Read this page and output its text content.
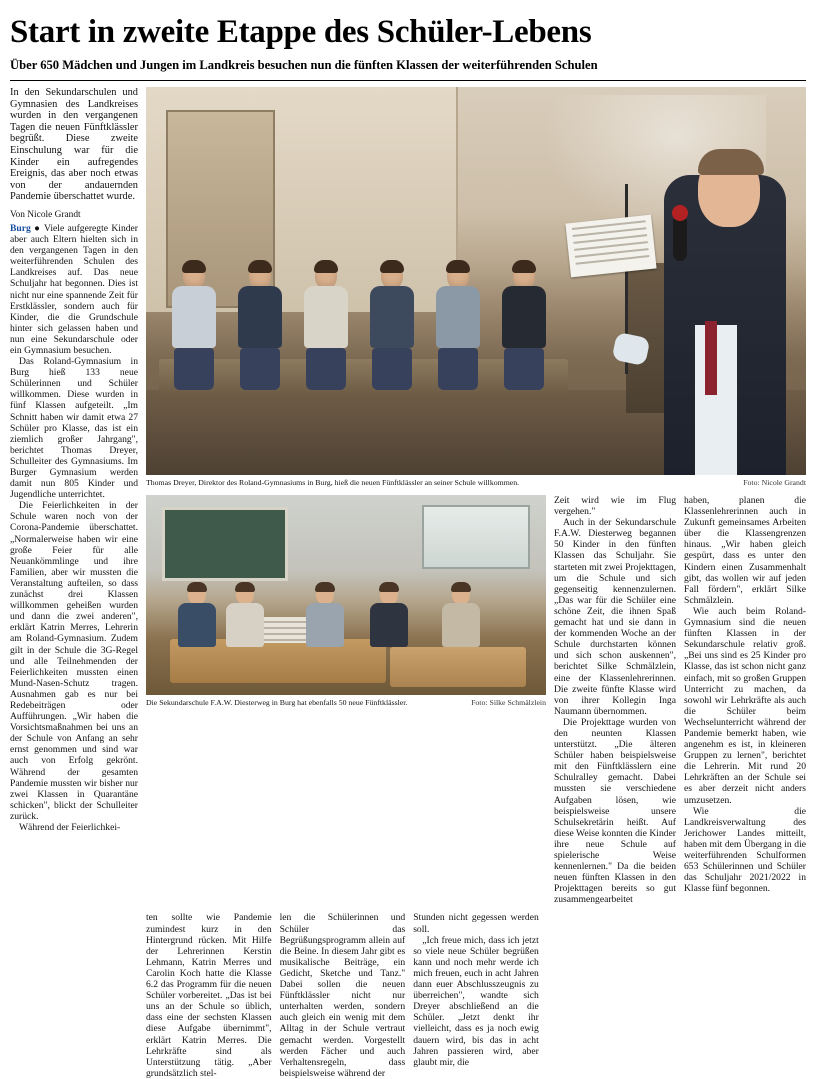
Start in zweite Etappe des Schüler-Lebens
Über 650 Mädchen und Jungen im Landkreis besuchen nun die fünften Klassen der weiterführenden Schulen
In den Sekundarschulen und Gymnasien des Landkreises wurden in den vergangenen Tagen die neuen Fünftklässler begrüßt. Diese zweite Einschulung war für die Kinder ein aufregendes Ereignis, das aber noch etwas von der andauernden Pandemie überschattet wurde.
Von Nicole Grandt

Burg ● Viele aufgeregte Kinder aber auch Eltern hielten sich in den vergangenen Tagen in den weiterführenden Schulen des Landkreises auf. Das neue Schuljahr hat begonnen. Dies ist nicht nur eine spannende Zeit für Erstklässler, sondern auch für Kinder, die die Grundschule hinter sich gelassen haben und nun eine Sekundarschule oder ein Gymnasium besuchen.

Das Roland-Gymnasium in Burg hieß 133 neue Schülerinnen und Schüler willkommen. Diese wurden in fünf Klassen aufgeteilt. „Im Schnitt haben wir damit etwa 27 Schüler pro Klasse, das ist ein ziemlich großer Jahrgang", berichtet Thomas Dreyer, Schulleiter des Gymnasiums. Im Burger Gymnasium werden damit nun 805 Kinder und Jugendliche unterrichtet.

Die Feierlichkeiten in der Schule waren noch von der Corona-Pandemie überschattet. „Normalerweise haben wir eine große Feier für alle Neuankömmlinge und ihre Familien, aber wir mussten die Veranstaltung aufteilen, so dass zunächst drei Klassen willkommen geheißen wurden und dann die zwei anderen", erklärt Katrin Merres, Lehrerin am Roland-Gymnasium. Zudem gilt in der Schule die 3G-Regel und alle Teilnehmenden der Feierlichkeiten mussten einen Mund-Nasen-Schutz tragen. Ausnahmen gab es nur bei Redebeiträgen oder Aufführungen. „Wir haben die Vorsichtsmaßnahmen bei uns an der Schule von Anfang an sehr ernst genommen und sind war auch von Erfolg gekrönt. Während der gesamten Pandemie mussten wir bisher nur zwei Klassen in Quarantäne schicken", blickt der Schulleiter zurück.

Während der Feierlichkei-

Thomas Dreyer, Direktor des Roland-Gymnasiums in Burg, hieß die neuen Fünftklässler an seiner Schule willkommen.	Foto: Nicole Grandt
Die Sekundarschule F.A.W. Diesterweg in Burg hat ebenfalls 50 neue Fünftklässler.	Foto: Silke Schmälzlein

Zeit wird wie im Flug vergehen."

Auch in der Sekundarschule F.A.W. Diesterweg begannen 50 Kinder in den fünften Klassen das Schuljahr. Sie starteten mit zwei Projekttagen, um die Schule und sich gegenseitig kennenzulernen. „Das war für die Schüler eine schöne Zeit, die ihnen Spaß gemacht hat und sie dann in der kommenden Woche an der Schule durchstarten können und sich schon auskennen", berichtet Silke Schmälzlein, eine der Klassenlehrerinnen. Die zweite fünfte Klasse wird von ihrer Kollegin Inga Naumann übernommen.

Die Projekttage wurden von den neunten Klassen unterstützt. „Die älteren Schüler haben beispielsweise mit den Fünftklässlern eine Schulralley gemacht. Dabei mussten sie verschiedene Aufgaben lösen, wie beispielsweise unsere Schulsekretärin heißt. Auf diese Weise konnten die Kinder ihre neue Schule auf spielerische Weise kennenlernen." Da die beiden neuen fünften Klassen in den Projekttagen bereits so gut zusammengearbeitet

haben, planen die Klassenlehrerinnen auch in Zukunft gemeinsames Arbeiten über die Klassengrenzen hinaus. „Wir haben gleich gespürt, dass es unter den Kindern einen Zusammenhalt gibt, das wollen wir auf jeden Fall fördern", erklärt Silke Schmälzlein.

Wie auch beim Roland-Gymnasium sind die neuen fünften Klassen in der Sekundarschule relativ groß. „Bei uns sind es 25 Kinder pro Klasse, das ist schon nicht ganz einfach, mit so großen Gruppen Unterricht zu machen, da sowohl wir Lehrkräfte als auch die Schüler beim Wechselunterricht während der Pandemie bemerkt haben, wie angenehm es ist, in kleineren Gruppen zu lernen", berichtet die Lehrerin. Mit rund 20 Lehrkräften an der Schule sei es aber derzeit nicht anders umzusetzen.

Wie die Landkreisverwaltung des Jerichower Landes mitteilt, haben mit dem Übergang in die weiterführenden Schulformen 653 Schülerinnen und Schüler das Schuljahr 2021/2022 in Klasse fünf begonnen.

ten sollte wie Pandemie zumindest kurz in den Hintergrund rücken. Mit Hilfe der Lehrerinnen Kerstin Lehmann, Katrin Merres und Carolin Koch hatte die Klasse 6.2 das Programm für die neuen Schüler vorbereitet. „Das ist bei uns an der Schule so üblich, dass eine der sechsten Klassen diese Aufgabe übernimmt", erklärt Katrin Merres. Die Lehrkräfte sind als Unterstützung tätig. „Aber grundsätzlich stel-

len die Schülerinnen und Schüler das Begrüßungsprogramm allein auf die Beine. In diesem Jahr gibt es musikalische Beiträge, ein Gedicht, Sketche und Tanz." Dabei sollen die neuen Fünftklässler nicht nur unterhalten werden, sondern auch gleich ein wenig mit dem Alltag in der Schule vertraut gemacht werden. Vorgestellt werden Fächer und auch Verhaltensregeln, dass beispielsweise während der

Stunden nicht gegessen werden soll.

„Ich freue mich, dass ich jetzt so viele neue Schüler begrüßen kann und noch mehr werde ich mich freuen, euch in acht Jahren dann euer Abschlusszeugnis zu überreichen", wandte sich Dreyer abschließend an die Schüler. „Jetzt denkt ihr vielleicht, dass es ja noch ewig dauern wird, bis das in acht Jahren passieren wird, aber glaubt mir, die
